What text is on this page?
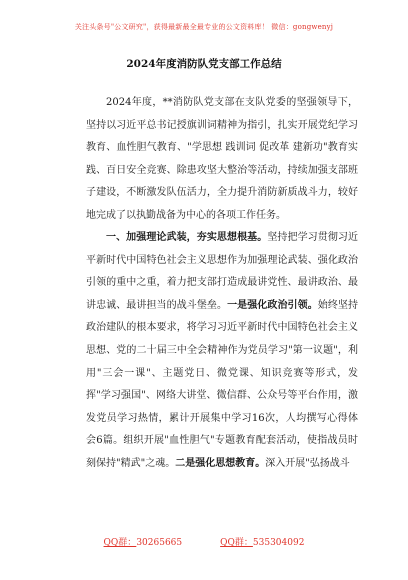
关注头条号"公文研究"，获得最新最全最专业的公文资料库！ 微信：gongwenyj
2024年度消防队党支部工作总结

2024年度，**消防队党支部在支队党委的坚强领导下，坚持以习近平总书记授旗训词精神为指引，扎实开展党纪学习教育、血性胆气教育、"学思想 践训词 促改革 建新功"教育实践、百日安全竞赛、除患攻坚大整治等活动，持续加强支部班子建设，不断激发队伍活力，全力提升消防新质战斗力，较好地完成了以执勤战备为中心的各项工作任务。

一、加强理论武装，夯实思想根基。坚持把学习贯彻习近平新时代中国特色社会主义思想作为加强理论武装、强化政治引领的重中之重，着力把支部打造成最讲党性、最讲政治、最讲忠诚、最讲担当的战斗堡垒。一是强化政治引领。始终坚持政治建队的根本要求，将学习习近平新时代中国特色社会主义思想、党的二十届三中全会精神作为党员学习"第一议题"，利用"三会一课"、主题党日、微党课、知识竞赛等形式，发挥"学习强国"、网络大讲堂、微信群、公众号等平台作用，激发党员学习热情，累计开展集中学习16次，人均撰写心得体会6篇。组织开展"血性胆气"专题教育配套活动，使指战员时刻保持"精武"之魂。二是强化思想教育。深入开展"弘扬战斗

QQ群：30265665	QQ群：535304092
